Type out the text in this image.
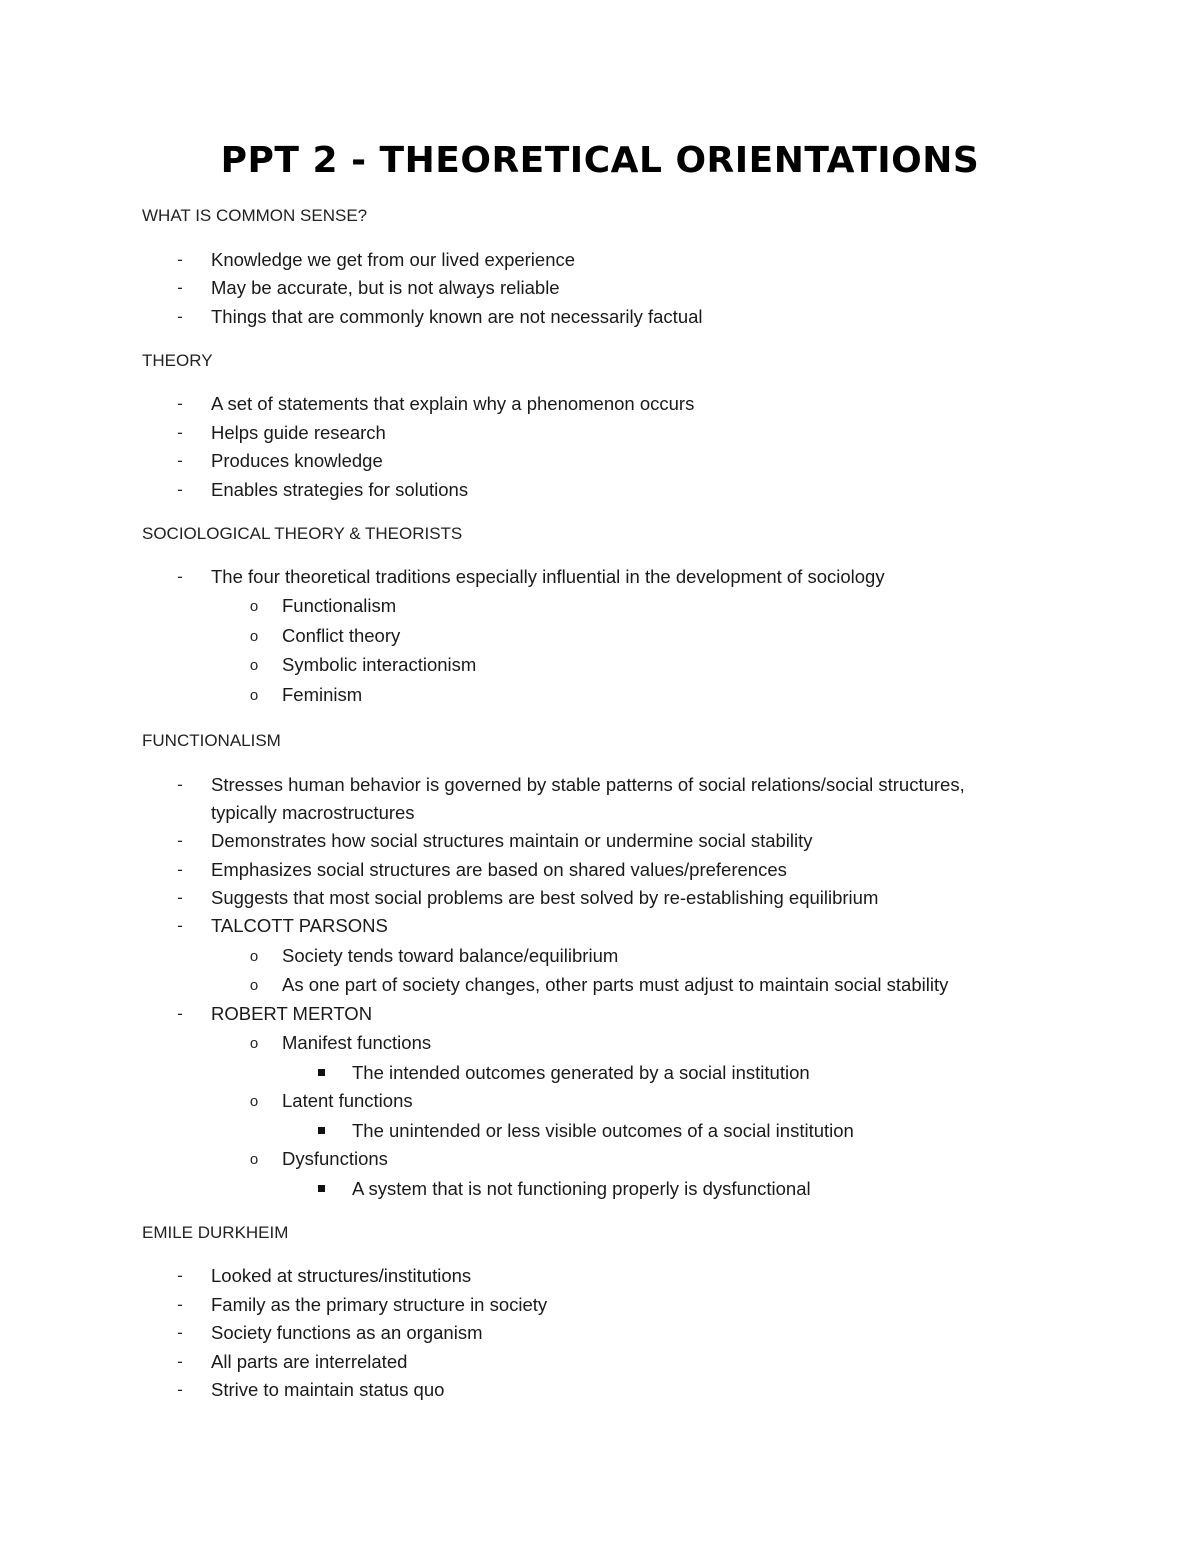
PPT 2 - THEORETICAL ORIENTATIONS
WHAT IS COMMON SENSE?
-	Knowledge we get from our lived experience
-	May be accurate, but is not always reliable
-	Things that are commonly known are not necessarily factual
THEORY
-	A set of statements that explain why a phenomenon occurs
-	Helps guide research
-	Produces knowledge
-	Enables strategies for solutions
SOCIOLOGICAL THEORY & THEORISTS
-	The four theoretical traditions especially influential in the development of sociology
o	Functionalism
o	Conflict theory
o	Symbolic interactionism
o	Feminism
FUNCTIONALISM
-	Stresses human behavior is governed by stable patterns of social relations/social structures,
typically macrostructures
-	Demonstrates how social structures maintain or undermine social stability
-	Emphasizes social structures are based on shared values/preferences
-	Suggests that most social problems are best solved by re-establishing equilibrium
-	TALCOTT PARSONS
o	Society tends toward balance/equilibrium
o	As one part of society changes, other parts must adjust to maintain social stability
-	ROBERT MERTON
o	Manifest functions
The intended outcomes generated by a social institution
o	Latent functions
The unintended or less visible outcomes of a social institution
o	Dysfunctions
A system that is not functioning properly is dysfunctional
EMILE DURKHEIM
-	Looked at structures/institutions
-	Family as the primary structure in society
-	Society functions as an organism
-	All parts are interrelated
-	Strive to maintain status quo
